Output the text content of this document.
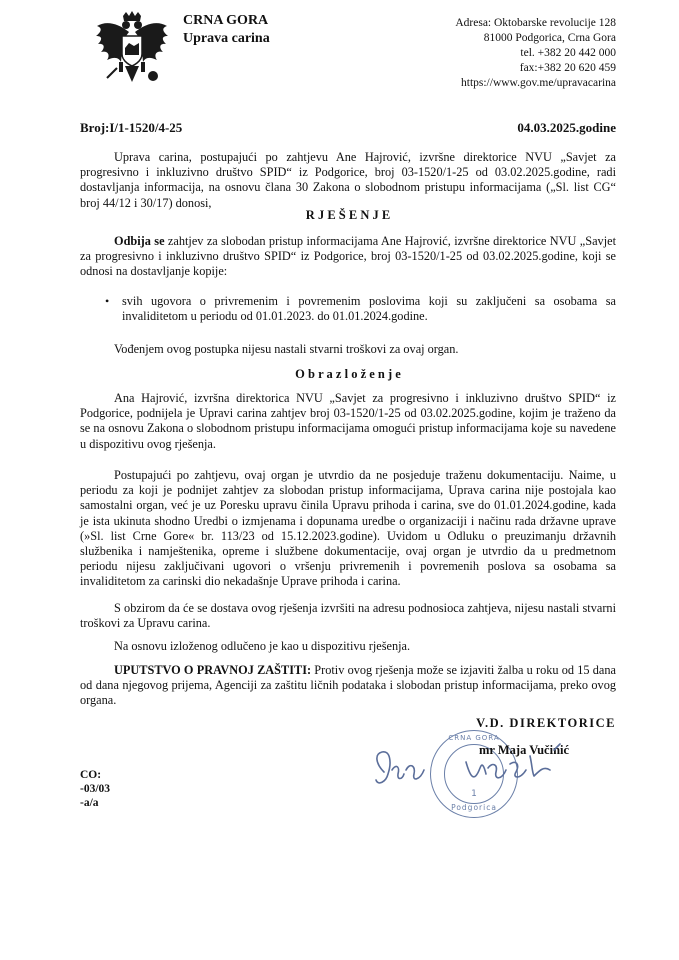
CRNA GORA
Uprava carina
Adresa: Oktobarske revolucije 128
81000 Podgorica, Crna Gora
tel. +382 20 442 000
fax:+382 20 620 459
https://www.gov.me/upravacarina
Broj:I/1-1520/4-25	04.03.2025.godine
Uprava carina, postupajući po zahtjevu Ane Hajrović, izvršne direktorice NVU „Savjet za progresivno i inkluzivno društvo SPID“ iz Podgorice, broj 03-1520/1-25 od 03.02.2025.godine, radi dostavljanja informacija, na osnovu člana 30 Zakona o slobodnom pristupu informacijama („Sl. list CG“ broj 44/12 i 30/17) donosi,
R J E Š E N J E
Odbija se zahtjev za slobodan pristup informacijama Ane Hajrović, izvršne direktorice NVU „Savjet za progresivno i inkluzivno društvo SPID“ iz Podgorice, broj 03-1520/1-25 od 03.02.2025.godine, koji se odnosi na dostavljanje kopije:
• svih ugovora o privremenim i povremenim poslovima koji su zaključeni sa osobama sa invaliditetom u periodu od 01.01.2023. do 01.01.2024.godine.
Vođenjem ovog postupka nijesu nastali stvarni troškovi za ovaj organ.
O b r a z l o ž e n j e
Ana Hajrović, izvršna direktorica NVU „Savjet za progresivno i inkluzivno društvo SPID“ iz Podgorice, podnijela je Upravi carina zahtjev broj 03-1520/1-25 od 03.02.2025.godine, kojim je traženo da se na osnovu Zakona o slobodnom pristupu informacijama omogući pristup informacijama koje su navedene u dispozitivu ovog rješenja.
Postupajući po zahtjevu, ovaj organ je utvrdio da ne posjeduje traženu dokumentaciju. Naime, u periodu za koji je podnijet zahtjev za slobodan pristup informacijama, Uprava carina nije postojala kao samostalni organ, već je uz Poresku upravu činila Upravu prihoda i carina, sve do 01.01.2024.godine, kada je ista ukinuta shodno Uredbi o izmjenama i dopunama uredbe o organizaciji i načinu rada državne uprave (»Sl. list Crne Gore« br. 113/23 od 15.12.2023.godine). Uvidom u Odluku o preuzimanju državnih službenika i namještenika, opreme i službene dokumentacije, ovaj organ je utvrdio da u predmetnom periodu nijesu zaključivani ugovori o vršenju privremenih i povremenih poslova sa osobama sa invaliditetom za carinski dio nekadašnje Uprave prihoda i carina.
S obzirom da će se dostava ovog rješenja izvršiti na adresu podnosioca zahtjeva, nijesu nastali stvarni troškovi za Upravu carina.
Na osnovu izloženog odlučeno je kao u dispozitivu rješenja.
UPUTSTVO O PRAVNOJ ZAŠTITI: Protiv ovog rješenja može se izjaviti žalba u roku od 15 dana od dana njegovog prijema, Agenciji za zaštitu ličnih podataka i slobodan pristup informacijama, preko ovog organa.
V.D. DIREKTORICE
CRNA GORA
1
Podgorica
mr Maja Vučinić
CO:
-03/03
-a/a
